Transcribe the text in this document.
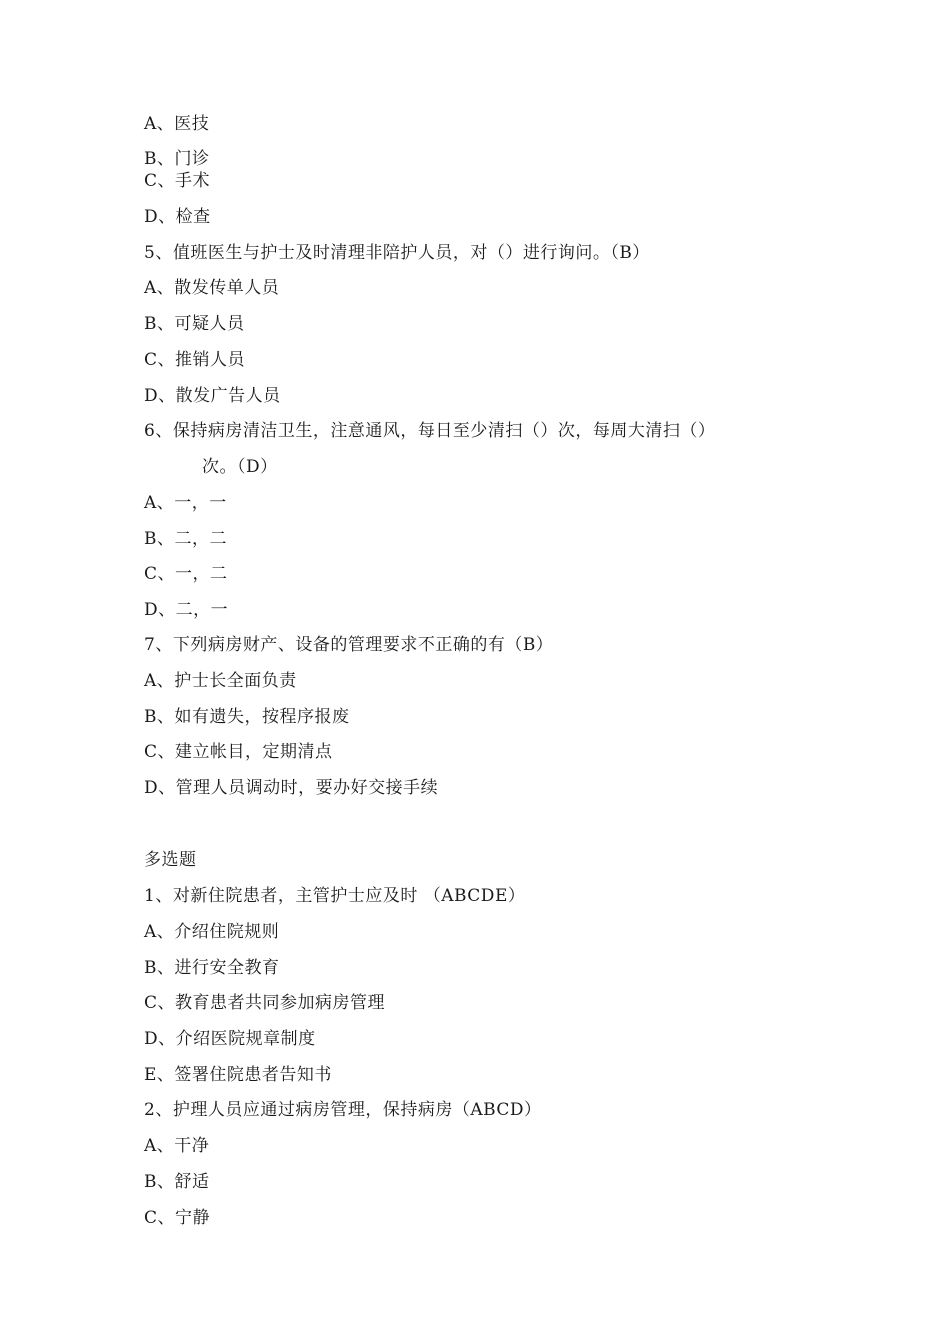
A、医技
B、门诊
C、手术
D、检查
5、值班医生与护士及时清理非陪护人员，对（）进行询问。（B）
A、散发传单人员
B、可疑人员
C、推销人员
D、散发广告人员
6、保持病房清洁卫生，注意通风，每日至少清扫（）次，每周大清扫（）
次。（D）
A、一，一
B、二，二
C、一，二
D、二，一
7、下列病房财产、设备的管理要求不正确的有（B）
A、护士长全面负责
B、如有遗失，按程序报废
C、建立帐目，定期清点
D、管理人员调动时，要办好交接手续
多选题
1、对新住院患者，主管护士应及时 （ABCDE）
A、介绍住院规则
B、进行安全教育
C、教育患者共同参加病房管理
D、介绍医院规章制度
E、签署住院患者告知书
2、护理人员应通过病房管理，保持病房（ABCD）
A、干净
B、舒适
C、宁静
